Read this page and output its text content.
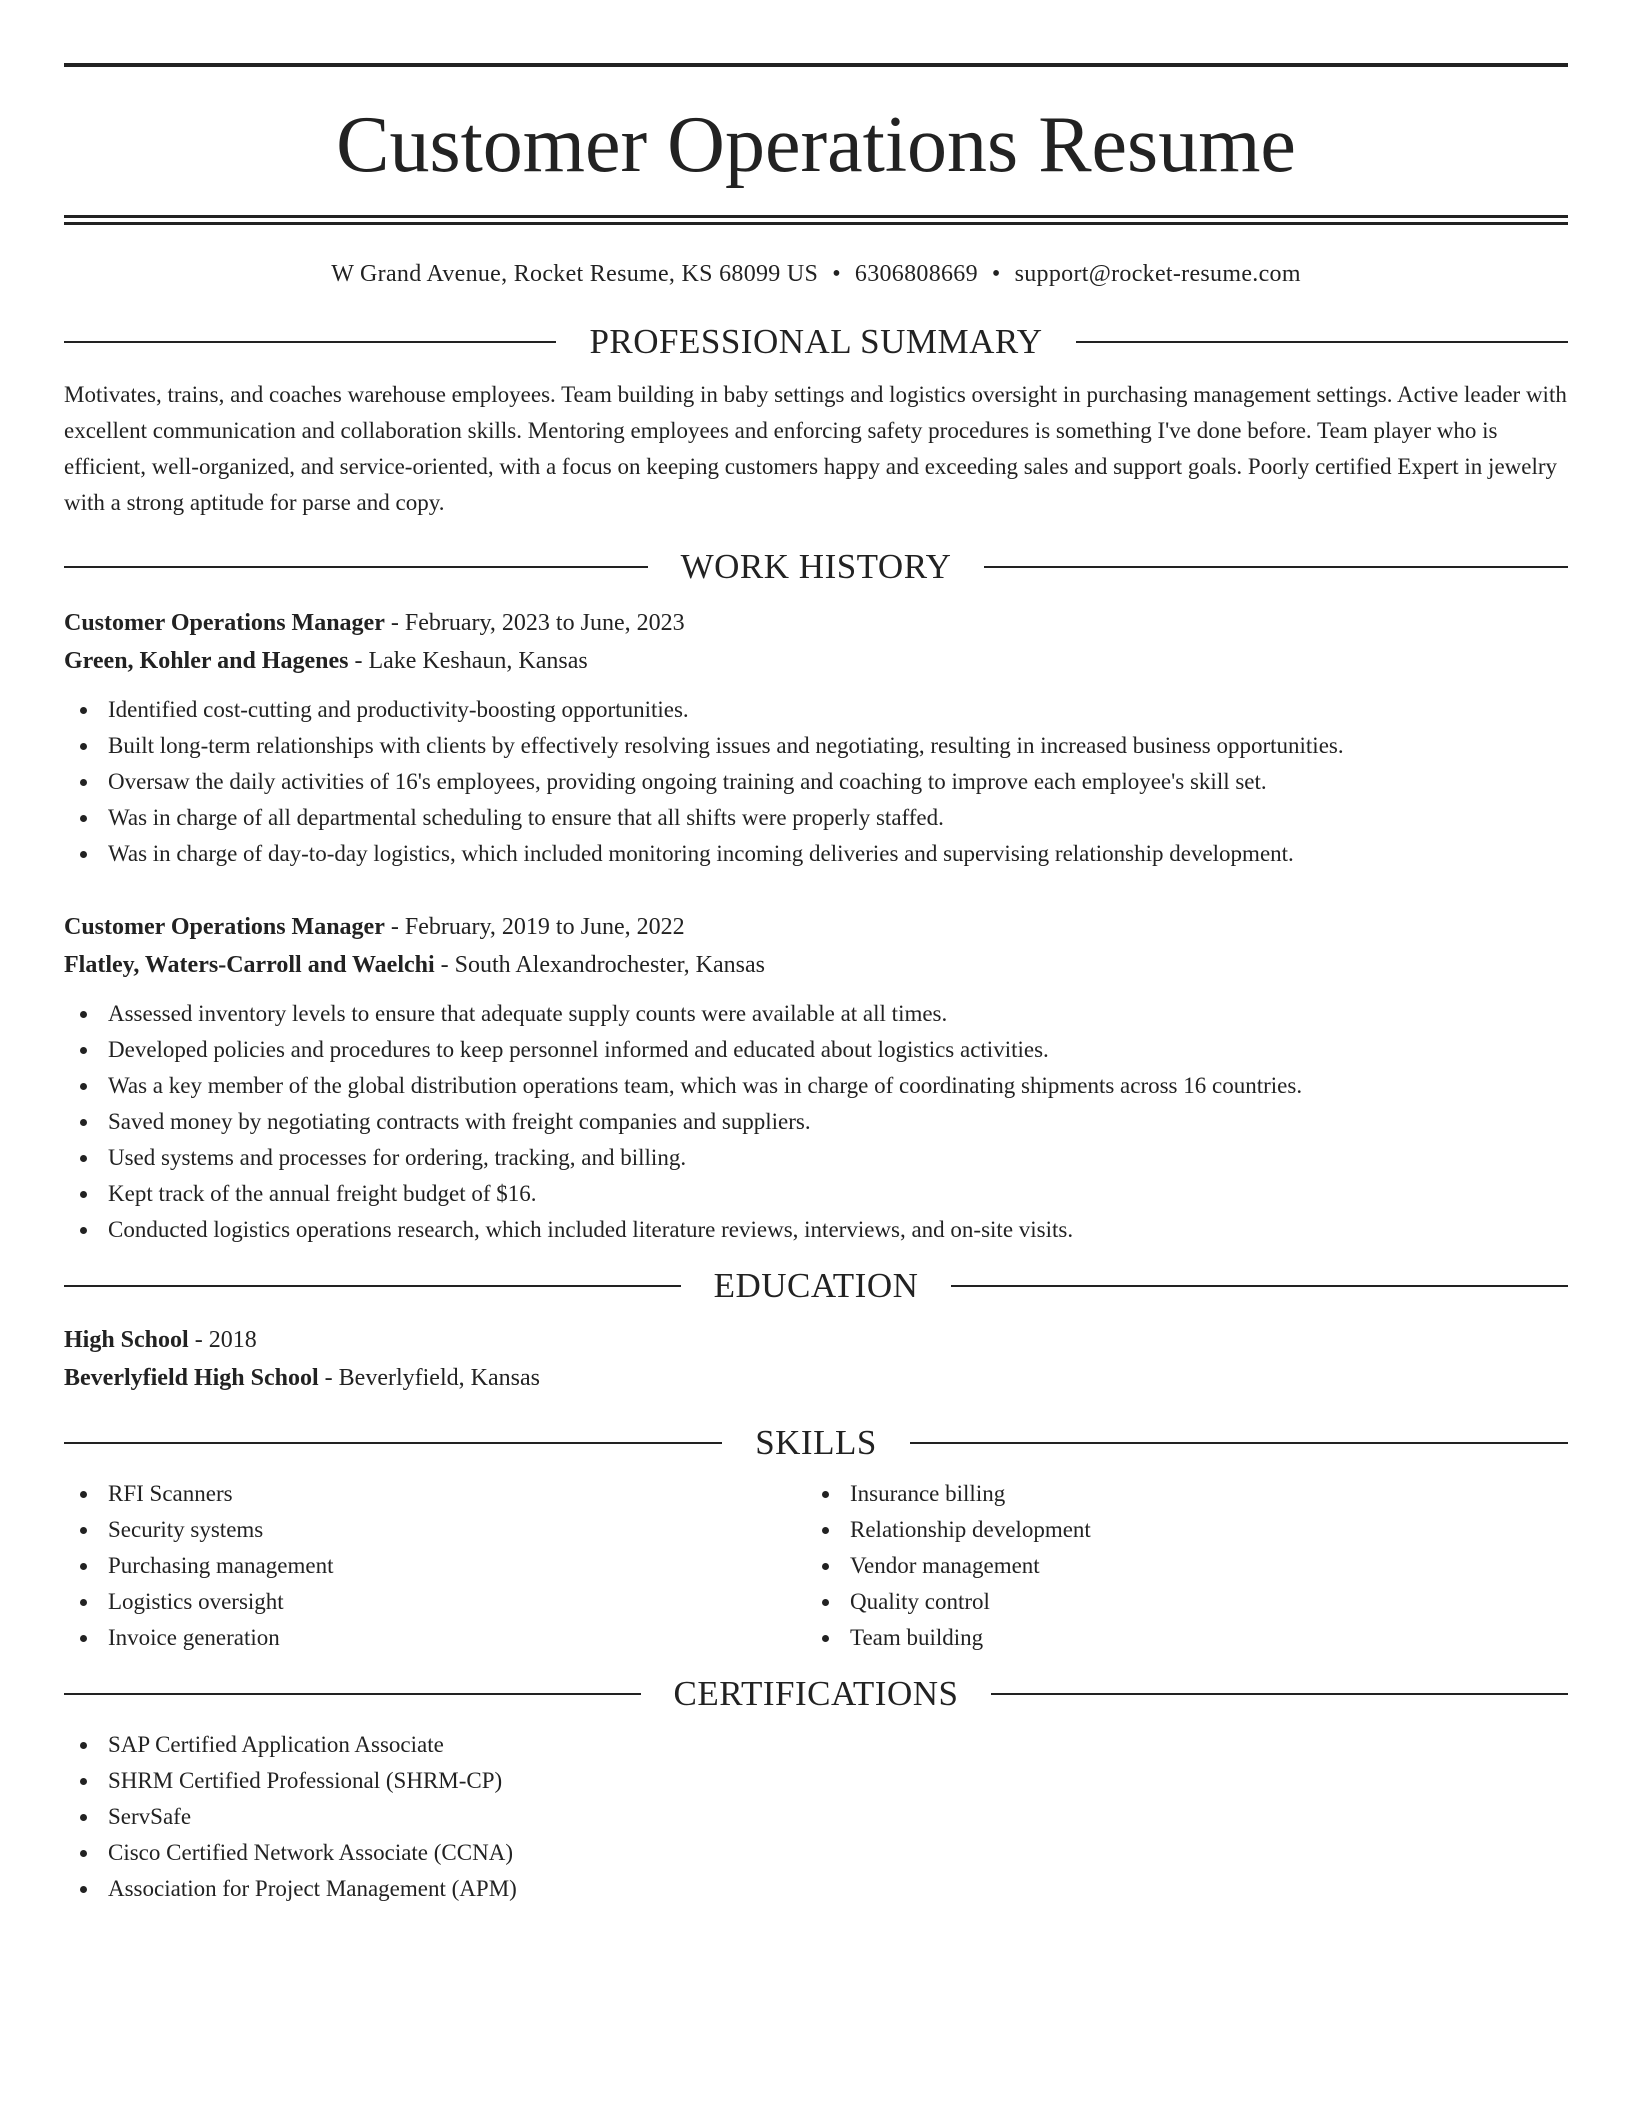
Customer Operations Resume
W Grand Avenue, Rocket Resume, KS 68099 US • 6306808669 • support@rocket-resume.com
PROFESSIONAL SUMMARY

Motivates, trains, and coaches warehouse employees. Team building in baby settings and logistics oversight in purchasing management settings. Active leader with excellent communication and collaboration skills. Mentoring employees and enforcing safety procedures is something I've done before. Team player who is efficient, well-organized, and service-oriented, with a focus on keeping customers happy and exceeding sales and support goals. Poorly certified Expert in jewelry with a strong aptitude for parse and copy.

WORK HISTORY
Customer Operations Manager - February, 2023 to June, 2023
Green, Kohler and Hagenes - Lake Keshaun, Kansas
Identified cost-cutting and productivity-boosting opportunities.
Built long-term relationships with clients by effectively resolving issues and negotiating, resulting in increased business opportunities.
Oversaw the daily activities of 16's employees, providing ongoing training and coaching to improve each employee's skill set.
Was in charge of all departmental scheduling to ensure that all shifts were properly staffed.
Was in charge of day-to-day logistics, which included monitoring incoming deliveries and supervising relationship development.
Customer Operations Manager - February, 2019 to June, 2022
Flatley, Waters-Carroll and Waelchi - South Alexandrochester, Kansas
Assessed inventory levels to ensure that adequate supply counts were available at all times.
Developed policies and procedures to keep personnel informed and educated about logistics activities.
Was a key member of the global distribution operations team, which was in charge of coordinating shipments across 16 countries.
Saved money by negotiating contracts with freight companies and suppliers.
Used systems and processes for ordering, tracking, and billing.
Kept track of the annual freight budget of $16.
Conducted logistics operations research, which included literature reviews, interviews, and on-site visits.
EDUCATION
High School - 2018
Beverlyfield High School - Beverlyfield, Kansas
SKILLS
RFI Scanners
Security systems
Purchasing management
Logistics oversight
Invoice generation
Insurance billing
Relationship development
Vendor management
Quality control
Team building
CERTIFICATIONS
SAP Certified Application Associate
SHRM Certified Professional (SHRM-CP)
ServSafe
Cisco Certified Network Associate (CCNA)
Association for Project Management (APM)
